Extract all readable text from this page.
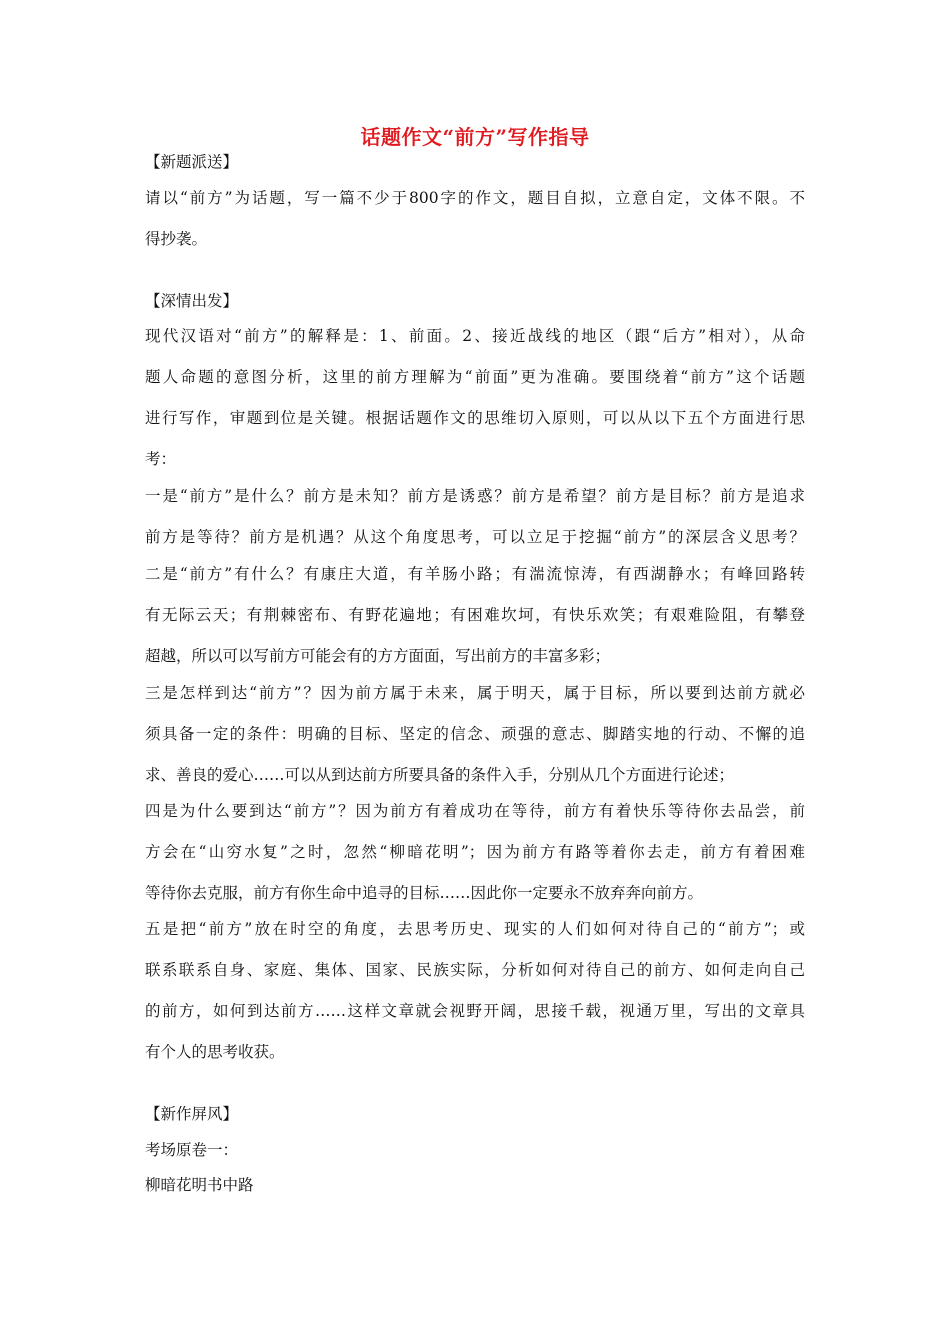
话题作文“前方”写作指导
【新题派送】
请以“前方”为话题，写一篇不少于800字的作文，题目自拟，立意自定，文体不限。不
得抄袭。
【深情出发】
现代汉语对“前方”的解释是：1、前面。2、接近战线的地区（跟“后方”相对），从命
题人命题的意图分析，这里的前方理解为“前面”更为准确。要围绕着“前方”这个话题
进行写作，审题到位是关键。根据话题作文的思维切入原则，可以从以下五个方面进行思
考：
一是“前方”是什么？前方是未知？前方是诱惑？前方是希望？前方是目标？前方是追求
前方是等待？前方是机遇？从这个角度思考，可以立足于挖掘“前方”的深层含义思考？
二是“前方”有什么？有康庄大道，有羊肠小路；有湍流惊涛，有西湖静水；有峰回路转
有无际云天；有荆棘密布、有野花遍地；有困难坎坷，有快乐欢笑；有艰难险阻，有攀登
超越，所以可以写前方可能会有的方方面面，写出前方的丰富多彩；
三是怎样到达“前方”？因为前方属于未来，属于明天，属于目标，所以要到达前方就必
须具备一定的条件：明确的目标、坚定的信念、顽强的意志、脚踏实地的行动、不懈的追
求、善良的爱心……可以从到达前方所要具备的条件入手，分别从几个方面进行论述；
四是为什么要到达“前方”？因为前方有着成功在等待，前方有着快乐等待你去品尝，前
方会在“山穷水复”之时，忽然“柳暗花明”；因为前方有路等着你去走，前方有着困难
等待你去克服，前方有你生命中追寻的目标……因此你一定要永不放弃奔向前方。
五是把“前方”放在时空的角度，去思考历史、现实的人们如何对待自己的“前方”；或
联系联系自身、家庭、集体、国家、民族实际，分析如何对待自己的前方、如何走向自己
的前方，如何到达前方……这样文章就会视野开阔，思接千载，视通万里，写出的文章具
有个人的思考收获。
【新作屏风】
考场原卷一：
柳暗花明书中路
